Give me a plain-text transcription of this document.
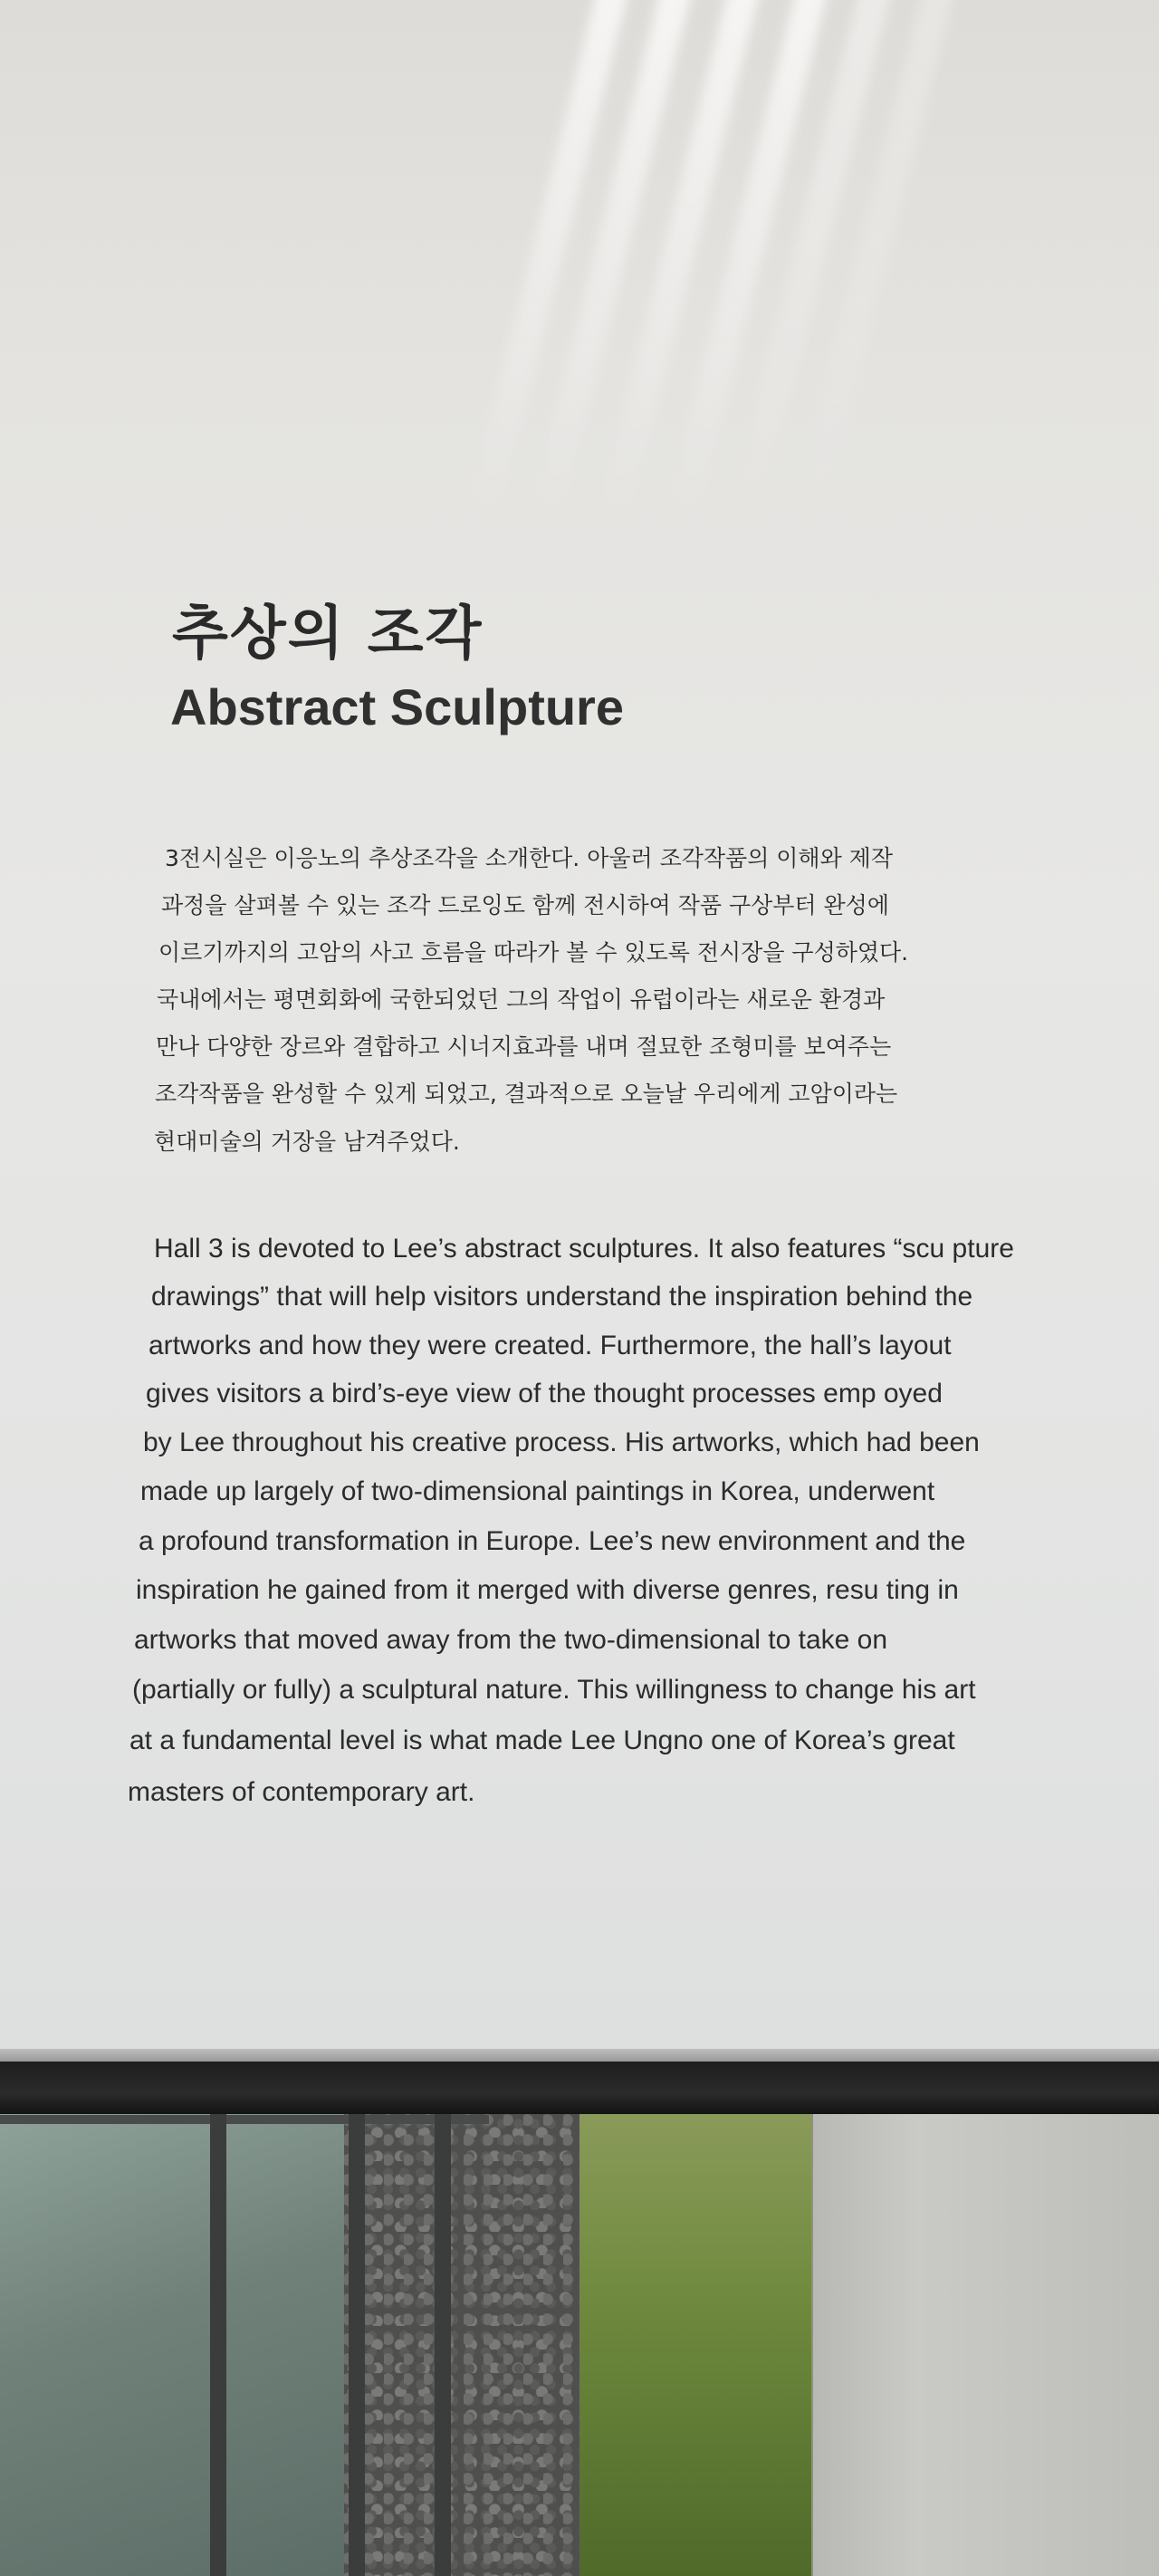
추상의 조각
Abstract Sculpture
3전시실은 이응노의 추상조각을 소개한다. 아울러 조각작품의 이해와 제작
과정을 살펴볼 수 있는 조각 드로잉도 함께 전시하여 작품 구상부터 완성에
이르기까지의 고암의 사고 흐름을 따라가 볼 수 있도록 전시장을 구성하였다.
국내에서는 평면회화에 국한되었던 그의 작업이 유럽이라는 새로운 환경과
만나 다양한 장르와 결합하고 시너지효과를 내며 절묘한 조형미를 보여주는
조각작품을 완성할 수 있게 되었고, 결과적으로 오늘날 우리에게 고암이라는
현대미술의 거장을 남겨주었다.
Hall 3 is devoted to Lee’s abstract sculptures. It also features “scu pture
drawings” that will help visitors understand the inspiration behind the
artworks and how they were created. Furthermore, the hall’s layout
gives visitors a bird’s-eye view of the thought processes emp oyed
by Lee throughout his creative process. His artworks, which had been
made up largely of two-dimensional paintings in Korea, underwent
a profound transformation in Europe. Lee’s new environment and the
inspiration he gained from it merged with diverse genres, resu ting in
artworks that moved away from the two-dimensional to take on
(partially or fully) a sculptural nature. This willingness to change his art
at a fundamental level is what made Lee Ungno one of Korea’s great
masters of contemporary art.
